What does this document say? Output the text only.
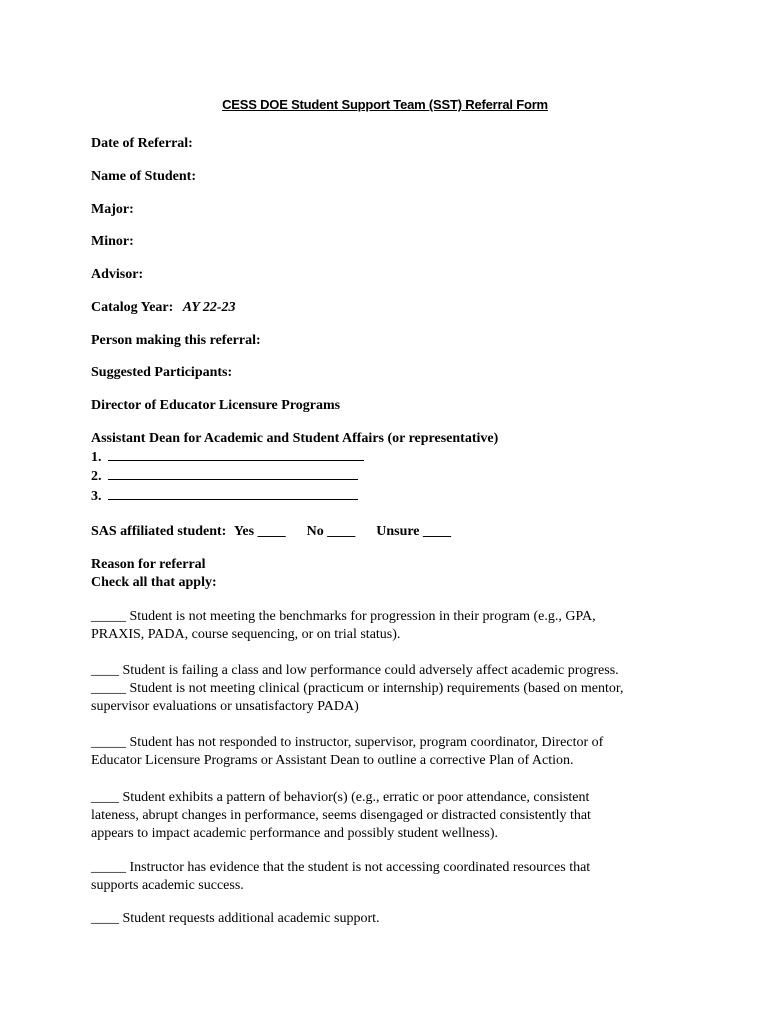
CESS DOE Student Support Team (SST) Referral Form
Date of Referral:
Name of Student:
Major:
Minor:
Advisor:
Catalog Year: AY 22-23
Person making this referral:
Suggested Participants:
Director of Educator Licensure Programs
Assistant Dean for Academic and Student Affairs (or representative)
1.
2.
3.
SAS affiliated student: Yes ____ No ____ Unsure ____
Reason for referral
Check all that apply:
_____ Student is not meeting the benchmarks for progression in their program (e.g., GPA,
PRAXIS, PADA, course sequencing, or on trial status).
____ Student is failing a class and low performance could adversely affect academic progress.
_____ Student is not meeting clinical (practicum or internship) requirements (based on mentor,
supervisor evaluations or unsatisfactory PADA)
_____ Student has not responded to instructor, supervisor, program coordinator, Director of
Educator Licensure Programs or Assistant Dean to outline a corrective Plan of Action.
____ Student exhibits a pattern of behavior(s) (e.g., erratic or poor attendance, consistent
lateness, abrupt changes in performance, seems disengaged or distracted consistently that
appears to impact academic performance and possibly student wellness).
_____ Instructor has evidence that the student is not accessing coordinated resources that
supports academic success.
____ Student requests additional academic support.
